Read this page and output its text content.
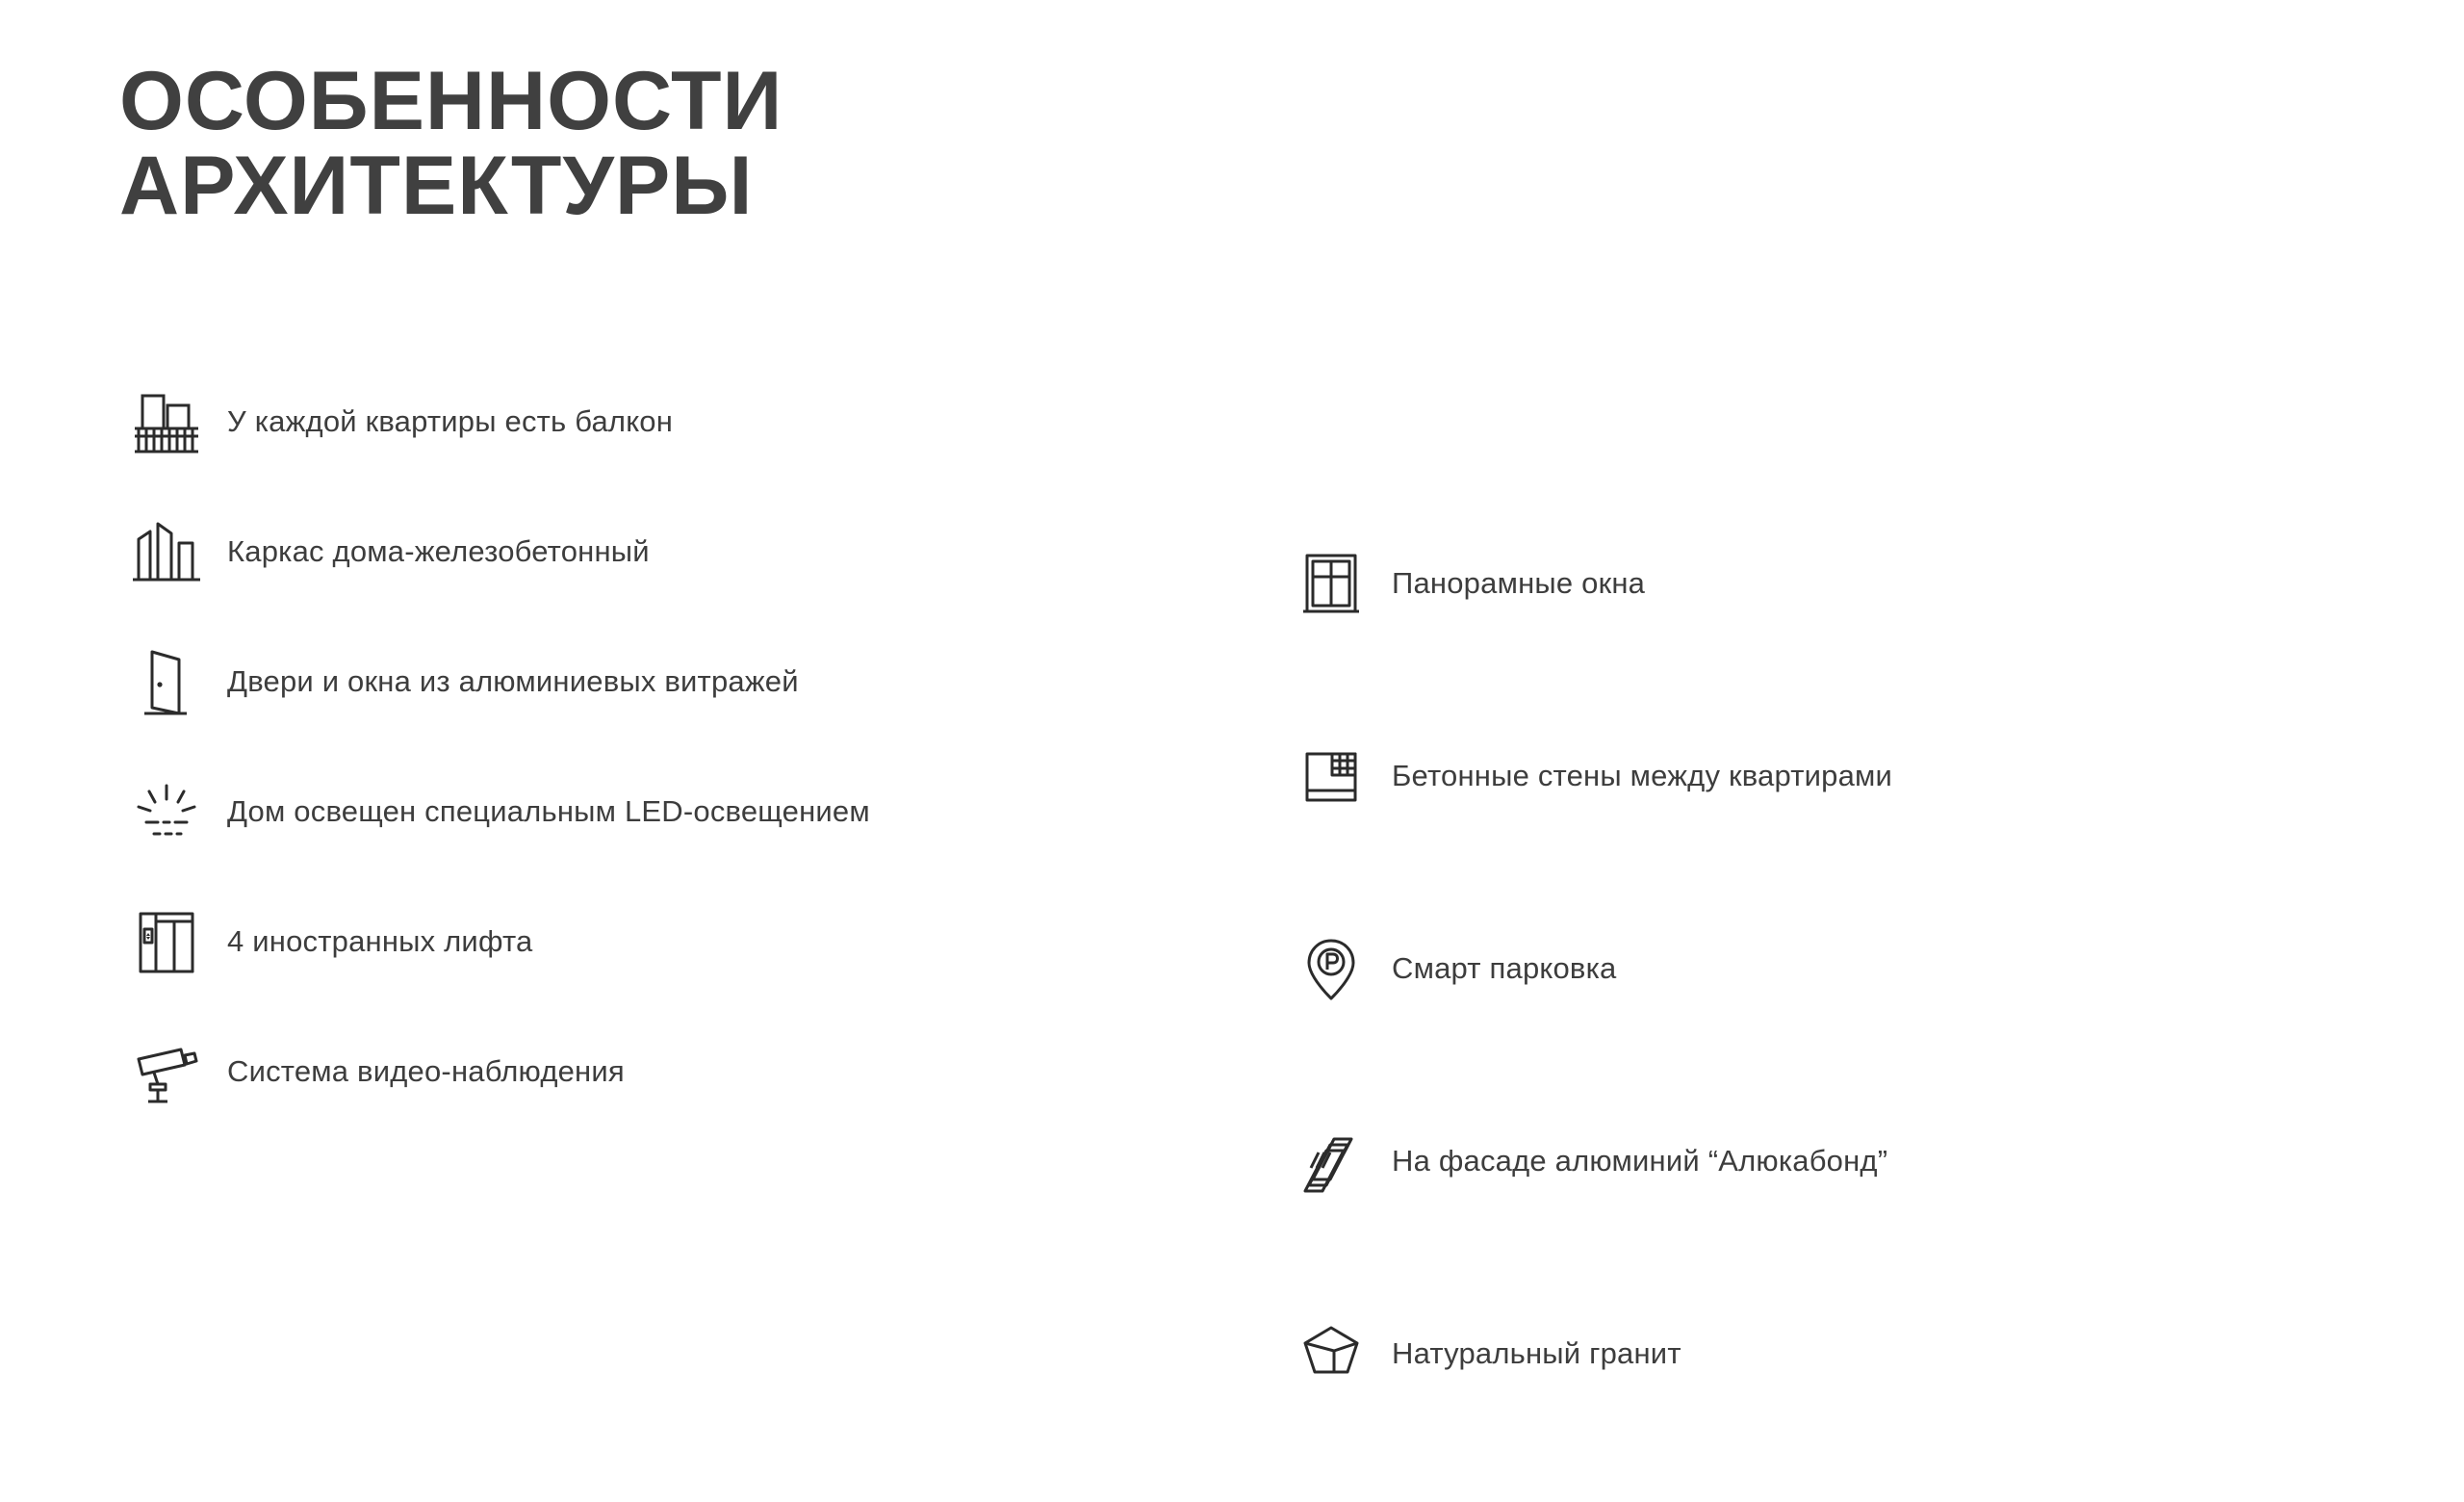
ОСОБЕННОСТИ
АРХИТЕКТУРЫ
У каждой квартиры есть балкон
Каркас дома-железобетонный
Двери и окна из алюминиевых витражей
Дом освещен специальным LED-освещением
4 иностранных лифта
Система видео-наблюдения
Панорамные окна
Бетонные стены между квартирами
Смарт парковка
На фасаде алюминий “Алюкабонд”
Натуральный гранит
